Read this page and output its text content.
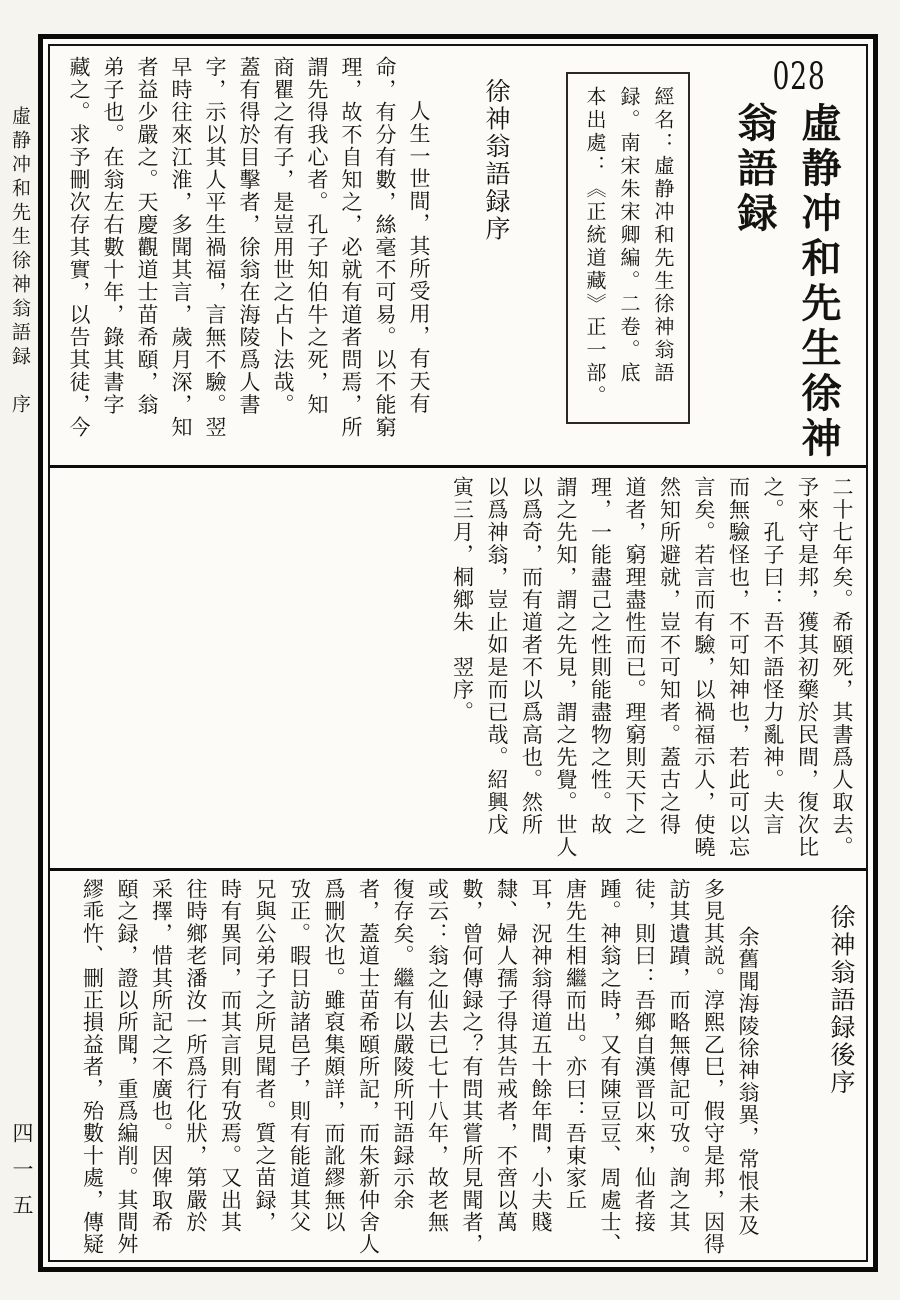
虛静冲和先生徐神翁語録　序
四一五
028
虛静冲和先生徐神
翁語録
經名：虛静冲和先生徐神翁語
録。南宋朱宋卿編。二卷。底
本出處：《正統道藏》正一部。
徐神翁語録序
人生一世間，其所受用，有天有
命，有分有數，絲毫不可易。以不能窮
理，故不自知之，必就有道者問焉，所
謂先得我心者。孔子知伯牛之死，知
商瞿之有子，是豈用世之占卜法哉。
蓋有得於目擊者，徐翁在海陵爲人書
字，示以其人平生禍福，言無不驗。翌
早時往來江淮，多聞其言，歲月深，知
者益少嚴之。天慶觀道士苗希頤，翁
弟子也。在翁左右數十年，錄其書字
藏之。求予刪次存其實，以告其徒，今
二十七年矣。希頤死，其書爲人取去。
予來守是邦，獲其初藥於民間，復次比
之。孔子曰：吾不語怪力亂神。夫言
而無驗怪也，不可知神也，若此可以忘
言矣。若言而有驗，以禍福示人，使曉
然知所避就，豈不可知者。蓋古之得
道者，窮理盡性而已。理窮則天下之
理，一能盡己之性則能盡物之性。故
謂之先知，謂之先見，謂之先覺。世人
以爲奇，而有道者不以爲高也。然所
以爲神翁，豈止如是而已哉。紹興戊
寅三月，桐鄉朱　翌序。
徐神翁語録後序
余舊聞海陵徐神翁異，常恨未及
多見其説。淳熙乙巳，假守是邦，因得
訪其遺蹟，而略無傳記可攷。詢之其
徒，則曰：吾鄉自漢晋以來，仙者接
踵。神翁之時，又有陳豆豆、周處士、
唐先生相繼而出。亦曰：吾東家丘
耳，況神翁得道五十餘年間，小夫賤
隸、婦人孺子得其告戒者，不啻以萬
數，曾何傳録之？有問其嘗所見聞者，
或云：翁之仙去已七十八年，故老無
復存矣。繼有以嚴陵所刊語録示余
者，蓋道士苗希頤所記，而朱新仲舍人
爲刪次也。雖裒集頗詳，而訛繆無以
攷正。暇日訪諸邑子，則有能道其父
兄與公弟子之所見聞者。質之苗録，
時有異同，而其言則有攷焉。又出其
往時鄉老潘汝一所爲行化狀，第嚴於
采擇，惜其所記之不廣也。因俾取希
頤之録，證以所聞，重爲編削。其間舛
繆乖忤、刪正損益者，殆數十處，傳疑
